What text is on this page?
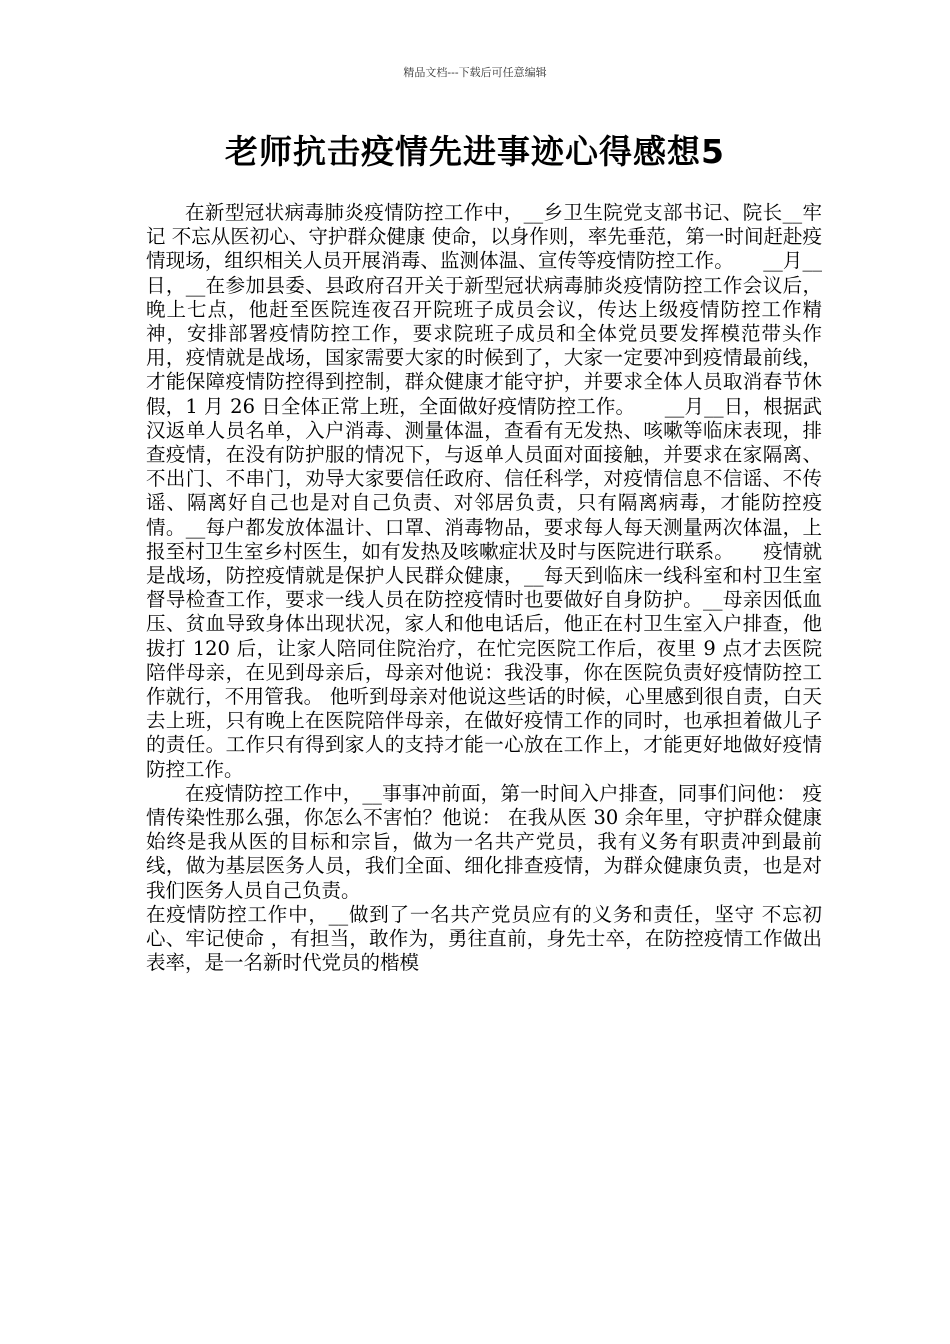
精品文档---下载后可任意编辑
老师抗击疫情先进事迹心得感想5

在新型冠状病毒肺炎疫情防控工作中，__乡卫生院党支部书记、院长__牢记 不忘从医初心、守护群众健康 使命，以身作则，率先垂范，第一时间赶赴疫情现场，组织相关人员开展消毒、监测体温、宣传等疫情防控工作。　　__月__日，__在参加县委、县政府召开关于新型冠状病毒肺炎疫情防控工作会议后，晚上七点，他赶至医院连夜召开院班子成员会议，传达上级疫情防控工作精神，安排部署疫情防控工作，要求院班子成员和全体党员要发挥模范带头作用，疫情就是战场，国家需要大家的时候到了，大家一定要冲到疫情最前线，才能保障疫情防控得到控制，群众健康才能守护，并要求全体人员取消春节休假，1 月 26 日全体正常上班，全面做好疫情防控工作。　　__月__日，根据武汉返单人员名单，入户消毒、测量体温，查看有无发热、咳嗽等临床表现，排查疫情，在没有防护服的情况下，与返单人员面对面接触，并要求在家隔离、不出门、不串门，劝导大家要信任政府、信任科学，对疫情信息不信谣、不传谣、隔离好自己也是对自己负责、对邻居负责，只有隔离病毒，才能防控疫情。__每户都发放体温计、口罩、消毒物品，要求每人每天测量两次体温，上报至村卫生室乡村医生，如有发热及咳嗽症状及时与医院进行联系。　　疫情就是战场，防控疫情就是保护人民群众健康，__每天到临床一线科室和村卫生室督导检查工作，要求一线人员在防控疫情时也要做好自身防护。__母亲因低血压、贫血导致身体出现状况，家人和他电话后，他正在村卫生室入户排查，他拔打 120 后，让家人陪同住院治疗，在忙完医院工作后，夜里 9 点才去医院陪伴母亲，在见到母亲后，母亲对他说：我没事，你在医院负责好疫情防控工作就行，不用管我。 他听到母亲对他说这些话的时候，心里感到很自责，白天去上班，只有晚上在医院陪伴母亲，在做好疫情工作的同时，也承担着做儿子的责任。工作只有得到家人的支持才能一心放在工作上，才能更好地做好疫情防控工作。

在疫情防控工作中，__事事冲前面，第一时间入户排查，同事们问他： 疫情传染性那么强，你怎么不害怕？他说： 在我从医 30 余年里，守护群众健康始终是我从医的目标和宗旨，做为一名共产党员，我有义务有职责冲到最前线，做为基层医务人员，我们全面、细化排查疫情，为群众健康负责，也是对我们医务人员自己负责。

在疫情防控工作中，__做到了一名共产党员应有的义务和责任，坚守 不忘初心、牢记使命 ，有担当，敢作为，勇往直前，身先士卒，在防控疫情工作做出表率，是一名新时代党员的楷模
